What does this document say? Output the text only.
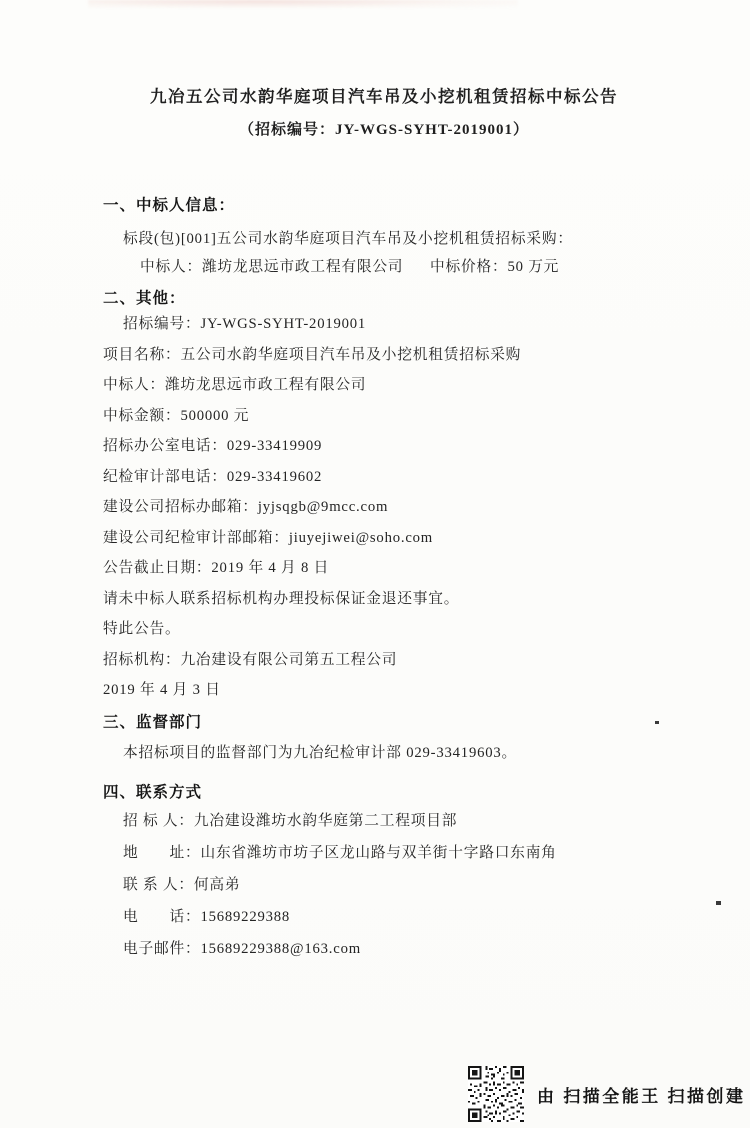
九冶五公司水韵华庭项目汽车吊及小挖机租赁招标中标公告
（招标编号：JY-WGS-SYHT-2019001）
一、中标人信息：
标段(包)[001]五公司水韵华庭项目汽车吊及小挖机租赁招标采购：
中标人：潍坊龙思远市政工程有限公司 中标价格：50 万元
二、其他：
招标编号：JY-WGS-SYHT-2019001
项目名称：五公司水韵华庭项目汽车吊及小挖机租赁招标采购
中标人：潍坊龙思远市政工程有限公司
中标金额：500000 元
招标办公室电话：029-33419909
纪检审计部电话：029-33419602
建设公司招标办邮箱：jyjsqgb@9mcc.com
建设公司纪检审计部邮箱：jiuyejiwei@soho.com
公告截止日期：2019 年 4 月 8 日
请未中标人联系招标机构办理投标保证金退还事宜。
特此公告。
招标机构：九冶建设有限公司第五工程公司
2019 年 4 月 3 日
三、监督部门
本招标项目的监督部门为九冶纪检审计部 029-33419603。
四、联系方式
招 标 人：九冶建设潍坊水韵华庭第二工程项目部
地　　址：山东省潍坊市坊子区龙山路与双羊街十字路口东南角
联 系 人：何高弟
电　　话：15689229388
电子邮件：15689229388@163.com
由 扫描全能王 扫描创建
